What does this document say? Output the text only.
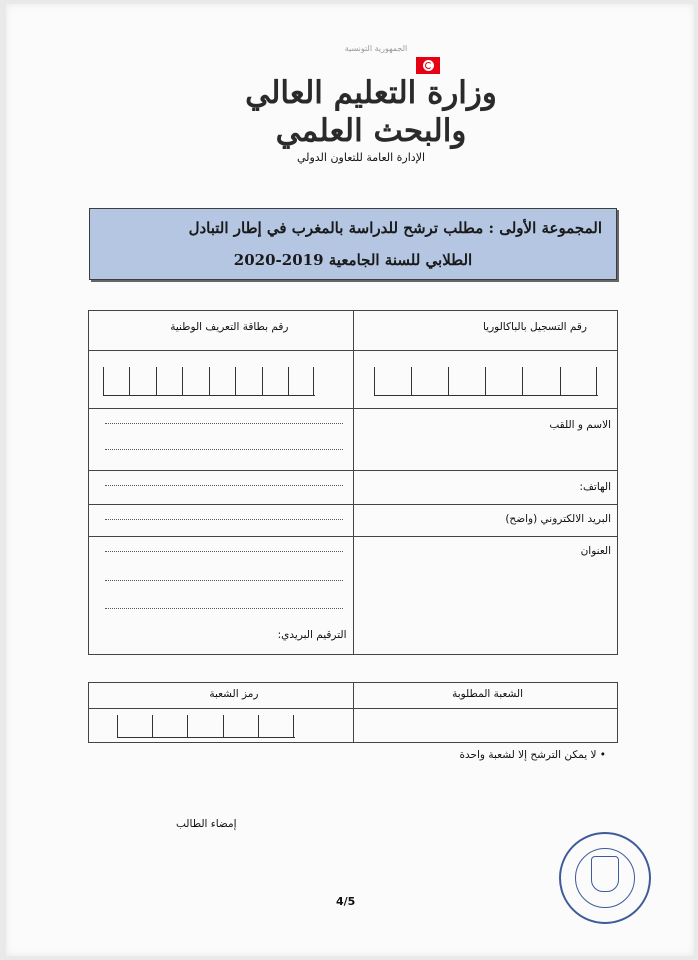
الجمهورية التونسية
وزارة التعليم العالي
والبحث العلمي
الإدارة العامة للتعاون الدولي
المجموعة الأولى : مطلب ترشح للدراسة بالمغرب في إطار التبادل
الطلابي للسنة الجامعية 2019-2020
رقم بطاقة التعريف الوطنية	رقم التسجيل بالباكالوريا

	الاسم و اللقب

	الهاتف:

	البريد الالكتروني (واضح)

الترقيم البريدي:	العنوان
رمز الشعبة	الشعبة المطلوبة

• لا يمكن الترشح إلا لشعبة واحدة
إمضاء الطالب
4/5
